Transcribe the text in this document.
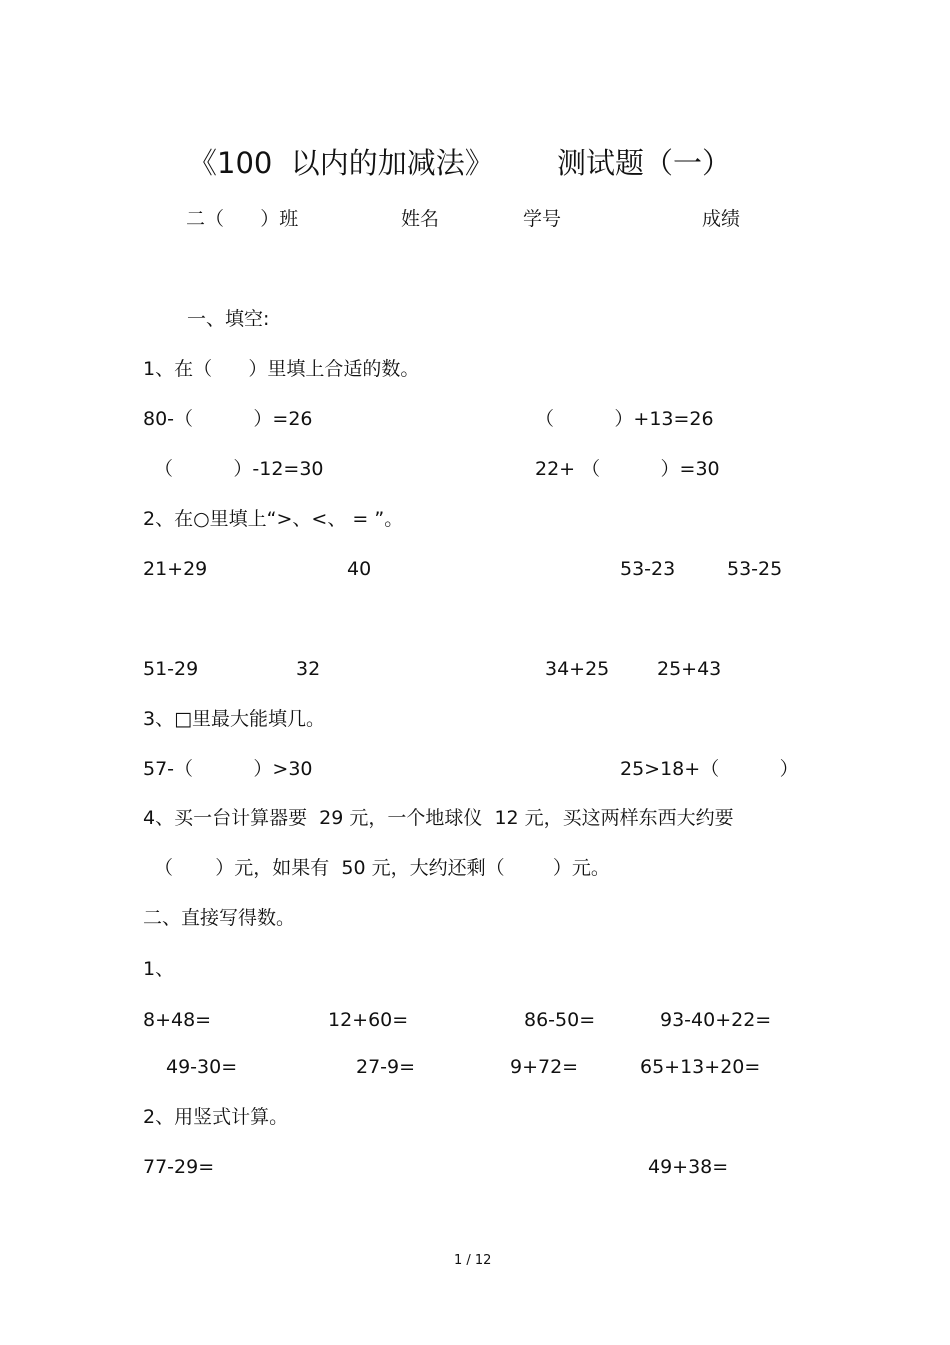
《100  以内的加减法》 测试题（一）
二（      ）班	姓名	学号	成绩
一、填空:
1、在（      ）里填上合适的数。
80-（          ）=26	（          ）+13=26
（          ）-12=30	22+ （          ）=30
2、在○里填上“>、<、 = ”。
21+29	40	53-23	53-25
51-29	32	34+25	25+43
3、□里最大能填几。
57-（          ）>30	25>18+（          ）
4、买一台计算器要  29 元，一个地球仪  12 元，买这两样东西大约要
（       ）元，如果有  50 元，大约还剩（        ）元。
二、直接写得数。
1、
8+48=	12+60=	86-50=	93-40+22=
49-30=	27-9=	9+72=	65+13+20=
2、用竖式计算。
77-29=	49+38=
1 / 12
